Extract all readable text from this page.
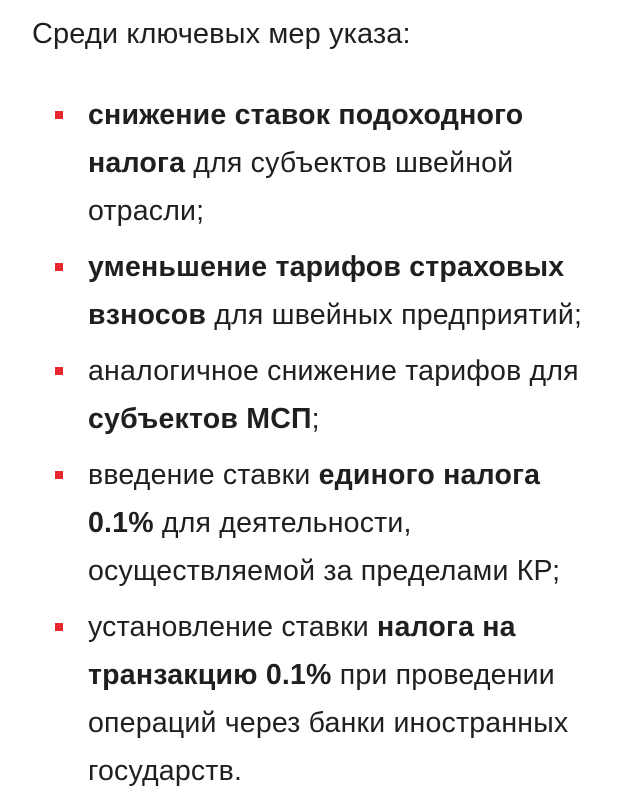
Среди ключевых мер указа:

снижение ставок подоходного налога для субъектов швейной отрасли;
уменьшение тарифов страховых взносов для швейных предприятий;
аналогичное снижение тарифов для субъектов МСП;
введение ставки единого налога 0.1% для деятельности, осуществляемой за пределами КР;
установление ставки налога на транзакцию 0.1% при проведении операций через банки иностранных государств.
